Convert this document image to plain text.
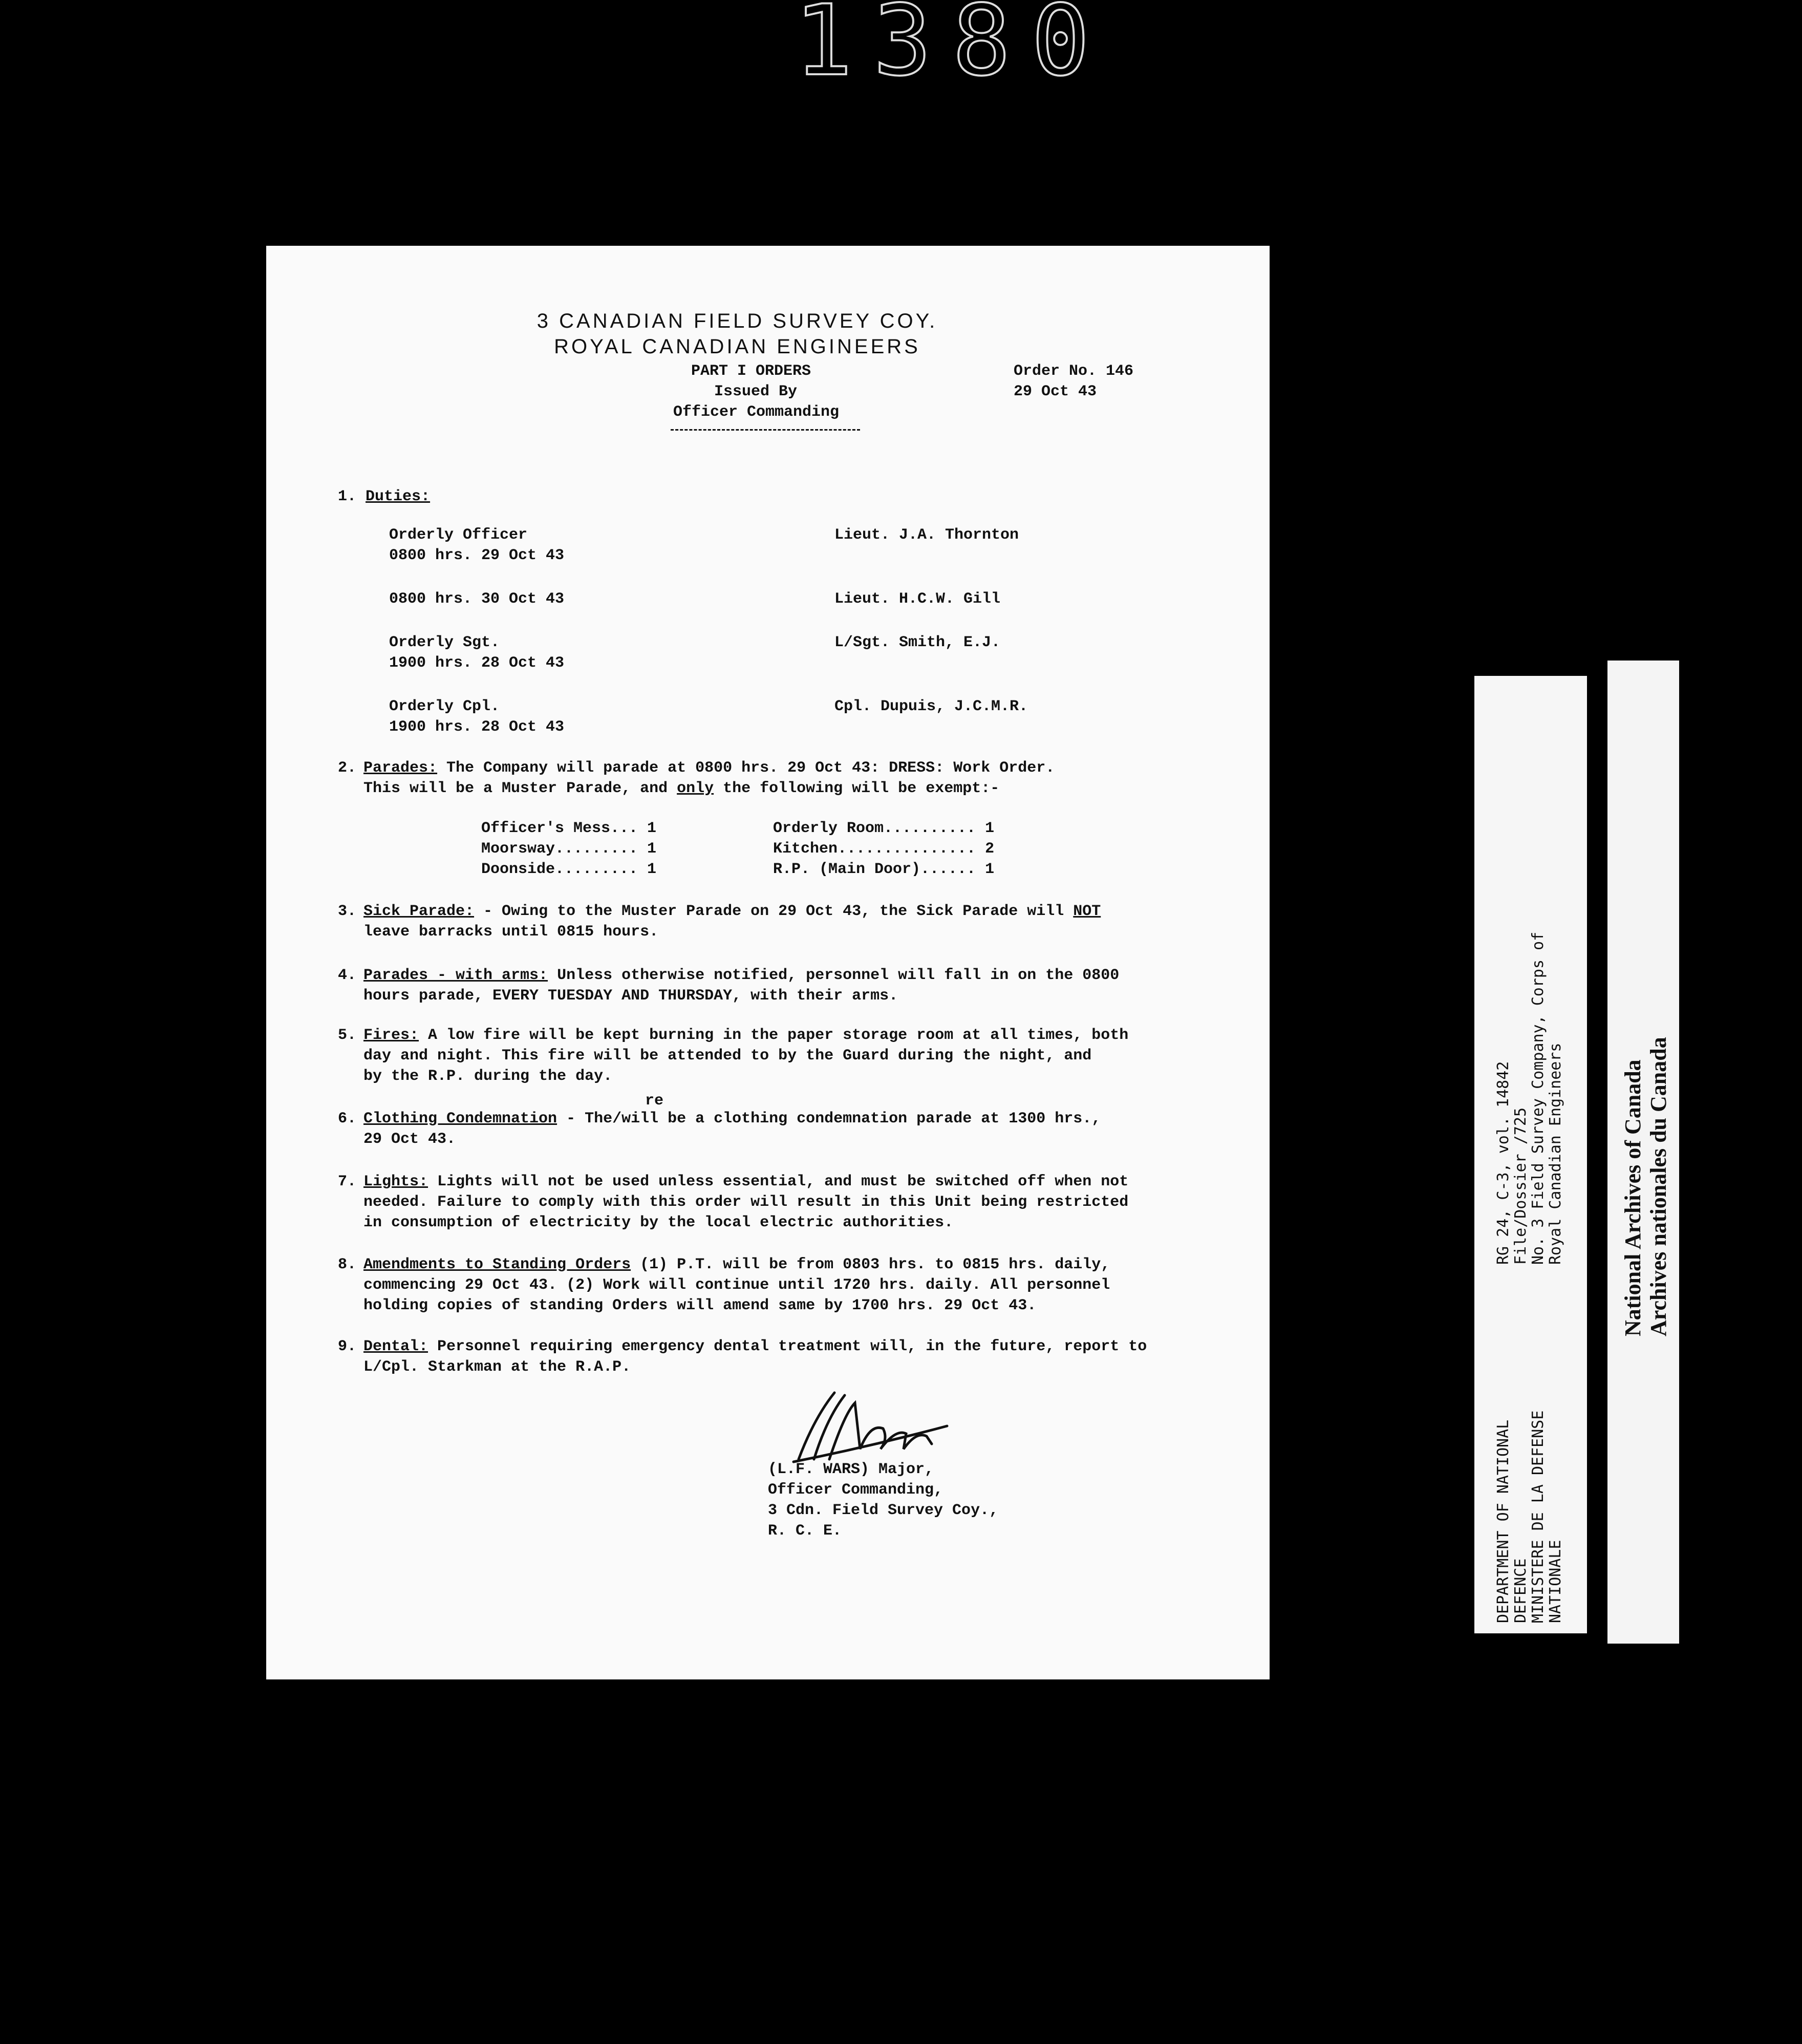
1380
3 CANADIAN FIELD SURVEY COY.
ROYAL CANADIAN ENGINEERS
PART I ORDERS
Issued By
Officer Commanding
Order No. 146
29 Oct 43
1. Duties:
Orderly Officer
0800 hrs. 29 Oct 43
Lieut. J.A. Thornton
0800 hrs. 30 Oct 43	Lieut. H.C.W. Gill
Orderly Sgt.
1900 hrs. 28 Oct 43
L/Sgt. Smith, E.J.
Orderly Cpl.
1900 hrs. 28 Oct 43
Cpl. Dupuis, J.C.M.R.
2. Parades: The Company will parade at 0800 hrs. 29 Oct 43: DRESS: Work Order.
This will be a Muster Parade, and only the following will be exempt:-
Officer's Mess... 1
Moorsway......... 1
Doonside......... 1
Orderly Room.......... 1
Kitchen............... 2
R.P. (Main Door)...... 1
3. Sick Parade: - Owing to the Muster Parade on 29 Oct 43, the Sick Parade will NOT
leave barracks until 0815 hours.
4. Parades - with arms: Unless otherwise notified, personnel will fall in on the 0800
hours parade, EVERY TUESDAY AND THURSDAY, with their arms.
5. Fires: A low fire will be kept burning in the paper storage room at all times, both
day and night. This fire will be attended to by the Guard during the night, and
by the R.P. during the day.
re
6. Clothing Condemnation - The/will be a clothing condemnation parade at 1300 hrs.,
29 Oct 43.
7. Lights: Lights will not be used unless essential, and must be switched off when not
needed. Failure to comply with this order will result in this Unit being restricted
in consumption of electricity by the local electric authorities.
8. Amendments to Standing Orders (1) P.T. will be from 0803 hrs. to 0815 hrs. daily,
commencing 29 Oct 43. (2) Work will continue until 1720 hrs. daily. All personnel
holding copies of standing Orders will amend same by 1700 hrs. 29 Oct 43.
9. Dental: Personnel requiring emergency dental treatment will, in the future, report to
L/Cpl. Starkman at the R.A.P.
(L.F. WARS) Major,
Officer Commanding,
3 Cdn. Field Survey Coy.,
R. C. E.	DEPARTMENT OF NATIONAL DEFENCE MINISTERE DE LA DEFENSE NATIONALE
RG 24, C-3, vol. 14842 File/Dossier /725 No. 3 Field Survey Company, Corps of Royal Canadian Engineers National Archives of Canada Archives nationales du Canada
